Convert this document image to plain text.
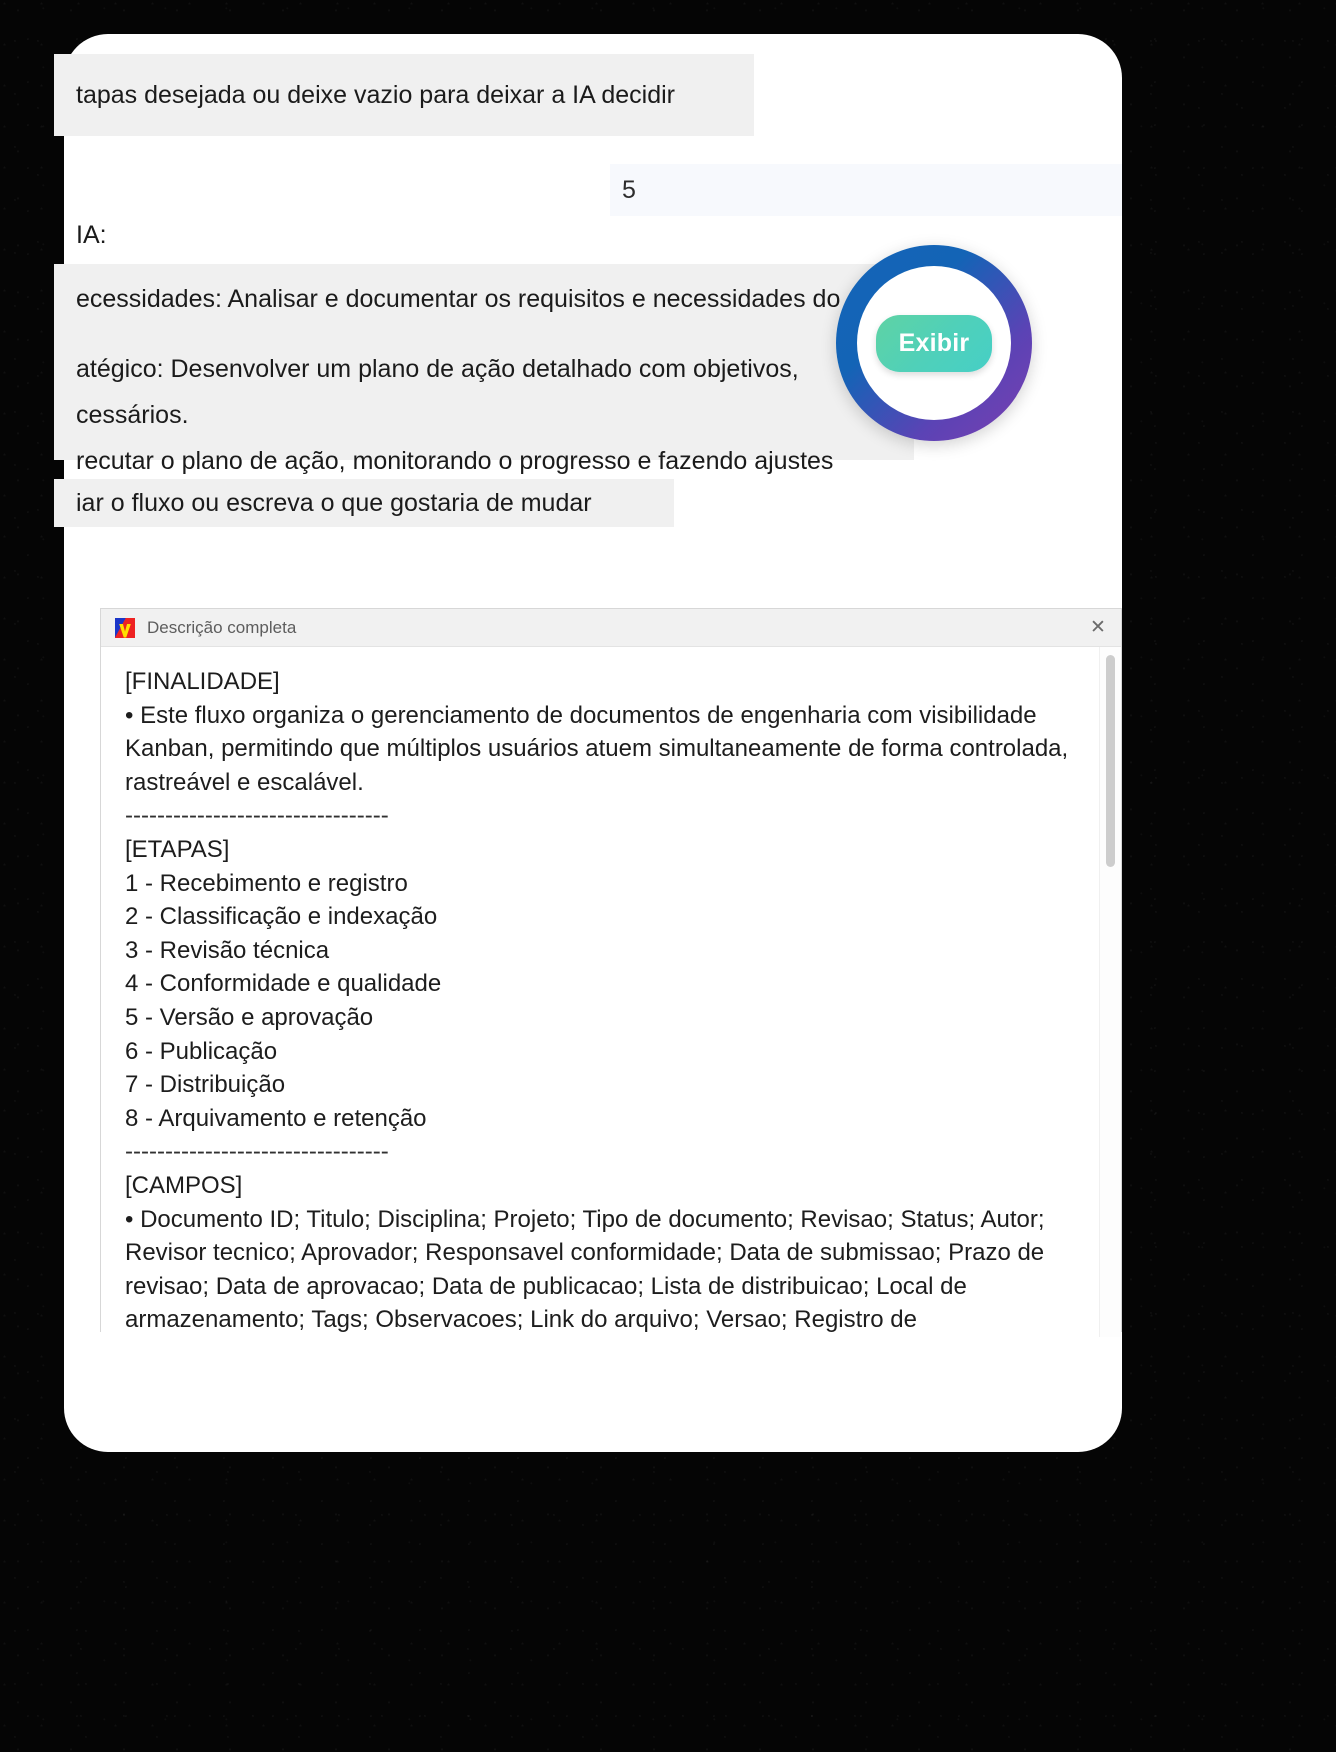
tapas desejada ou deixe vazio para deixar a IA decidir
5
IA:
ecessidades: Analisar e documentar os requisitos e necessidades do
atégico: Desenvolver um plano de ação detalhado com objetivos,
cessários.
recutar o plano de ação, monitorando o progresso e fazendo ajustes
iar o fluxo ou escreva o que gostaria de mudar
Descrição completa	✕
[FINALIDADE]
• Este fluxo organiza o gerenciamento de documentos de engenharia com visibilidade Kanban, permitindo que múltiplos usuários atuem simultaneamente de forma controlada, rastreável e escalável.
---------------------------------
[ETAPAS]
1 - Recebimento e registro
2 - Classificação e indexação
3 - Revisão técnica
4 - Conformidade e qualidade
5 - Versão e aprovação
6 - Publicação
7 - Distribuição
8 - Arquivamento e retenção
---------------------------------
[CAMPOS]
• Documento ID; Titulo; Disciplina; Projeto; Tipo de documento; Revisao; Status; Autor; Revisor tecnico; Aprovador; Responsavel conformidade; Data de submissao; Prazo de revisao; Data de aprovacao; Data de publicacao; Lista de distribuicao; Local de armazenamento; Tags; Observacoes; Link do arquivo; Versao; Registro de
Exibir
